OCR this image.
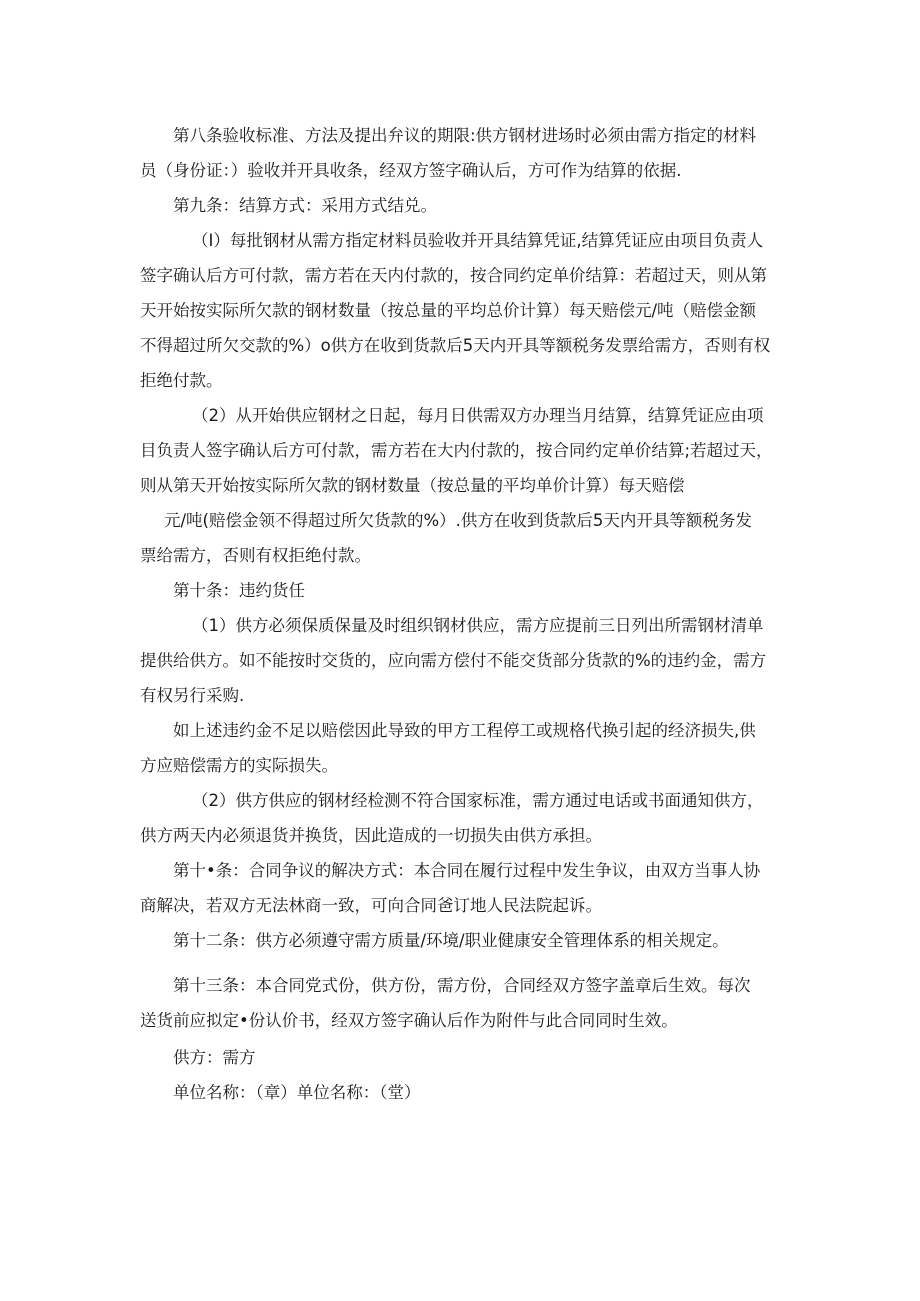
第八条验收标准、方法及提出弁议的期限:供方钢材进场时必须由需方指定的材料
员（身份证：）验收并开具收条，经双方签字确认后，方可作为结算的依据.
第九条：结算方式：采用方式结兑。
（I）每批钢材从需方指定材料员验收并开具结算凭证,结算凭证应由项目负责人
签字确认后方可付款，需方若在天内付款的，按合同约定单价结算：若超过天，则从第
天开始按实际所欠款的钢材数量（按总量的平均总价计算）每天赔偿元/吨（赔偿金额
不得超过所欠交款的%）o供方在收到货款后5天内开具等额税务发票给需方，否则有权
拒绝付款。
（2）从开始供应钢材之日起，每月日供需双方办理当月结算，结算凭证应由项
目负责人签字确认后方可付款，需方若在大内付款的，按合同约定单价结算;若超过天，
则从第天开始按实际所欠款的钢材数量（按总量的平均单价计算）每天赔偿
元/吨(赔偿金领不得超过所欠货款的%）.供方在收到货款后5天内开具等额税务发
票给需方，否则有权拒绝付款。
第十条：违约货任
（1）供方必须保质保量及时组织钢材供应，需方应提前三日列出所需钢材清单
提供给供方。如不能按时交货的，应向需方偿付不能交货部分货款的%的违约金，需方
有权另行采购.
如上述违约金不足以赔偿因此导致的甲方工程停工或规格代换引起的经济损失,供
方应赔偿需方的实际损失。
（2）供方供应的钢材经检测不符合国家标准，需方通过电话或书面通知供方，
供方两天内必须退货并换货，因此造成的一切损失由供方承担。
第十•条：合同争议的解决方式：本合同在履行过程中发生争议，由双方当事人协
商解决，若双方无法林商一致，可向合同爸订地人民法院起诉。
第十二条：供方必须遵守需方质量/环境/职业健康安全管理体系的相关规定。
第十三条：本合同党式份，供方份，需方份，合同经双方签字盖章后生效。每次
送货前应拟定•份认价书，经双方签字确认后作为附件与此合同同时生效。
供方：需方
单位名称：（章）单位名称：（堂）
